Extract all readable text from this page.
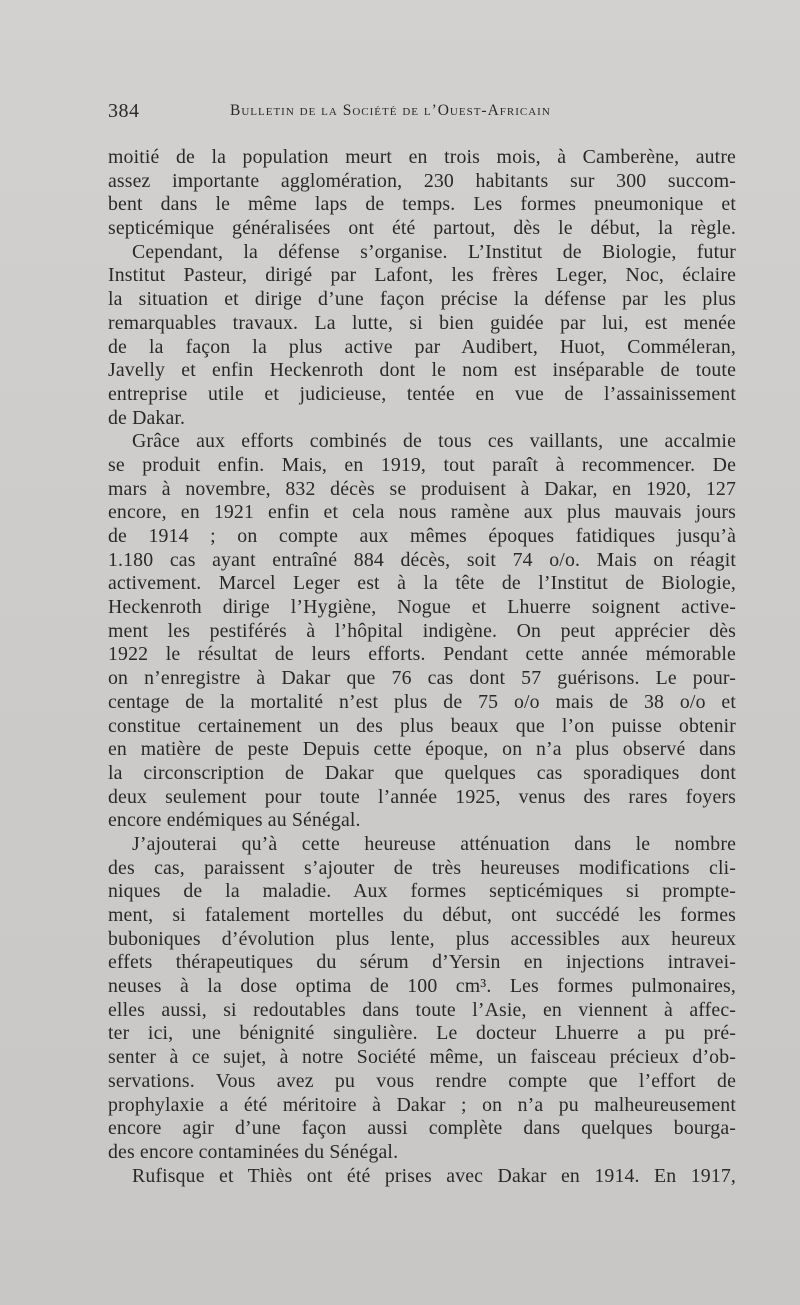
384	Bulletin de la Société de l’Ouest-Africain
moitié de la population meurt en trois mois, à Camberène, autre
assez importante agglomération, 230 habitants sur 300 succom-
bent dans le même laps de temps. Les formes pneumonique et
septicémique généralisées ont été partout, dès le début, la règle.
Cependant, la défense s’organise. L’Institut de Biologie, futur
Institut Pasteur, dirigé par Lafont, les frères Leger, Noc, éclaire
la situation et dirige d’une façon précise la défense par les plus
remarquables travaux. La lutte, si bien guidée par lui, est menée
de la façon la plus active par Audibert, Huot, Comméleran,
Javelly et enfin Heckenroth dont le nom est inséparable de toute
entreprise utile et judicieuse, tentée en vue de l’assainissement
de Dakar.
Grâce aux efforts combinés de tous ces vaillants, une accalmie
se produit enfin. Mais, en 1919, tout paraît à recommencer. De
mars à novembre, 832 décès se produisent à Dakar, en 1920, 127
encore, en 1921 enfin et cela nous ramène aux plus mauvais jours
de 1914 ; on compte aux mêmes époques fatidiques jusqu’à
1.180 cas ayant entraîné 884 décès, soit 74 o/o. Mais on réagit
activement. Marcel Leger est à la tête de l’Institut de Biologie,
Heckenroth dirige l’Hygiène, Nogue et Lhuerre soignent active-
ment les pestiférés à l’hôpital indigène. On peut apprécier dès
1922 le résultat de leurs efforts. Pendant cette année mémorable
on n’enregistre à Dakar que 76 cas dont 57 guérisons. Le pour-
centage de la mortalité n’est plus de 75 o/o mais de 38 o/o et
constitue certainement un des plus beaux que l’on puisse obtenir
en matière de peste Depuis cette époque, on n’a plus observé dans
la circonscription de Dakar que quelques cas sporadiques dont
deux seulement pour toute l’année 1925, venus des rares foyers
encore endémiques au Sénégal.
J’ajouterai qu’à cette heureuse atténuation dans le nombre
des cas, paraissent s’ajouter de très heureuses modifications cli-
niques de la maladie. Aux formes septicémiques si prompte-
ment, si fatalement mortelles du début, ont succédé les formes
buboniques d’évolution plus lente, plus accessibles aux heureux
effets thérapeutiques du sérum d’Yersin en injections intravei-
neuses à la dose optima de 100 cm³. Les formes pulmonaires,
elles aussi, si redoutables dans toute l’Asie, en viennent à affec-
ter ici, une bénignité singulière. Le docteur Lhuerre a pu pré-
senter à ce sujet, à notre Société même, un faisceau précieux d’ob-
servations. Vous avez pu vous rendre compte que l’effort de
prophylaxie a été méritoire à Dakar ; on n’a pu malheureusement
encore agir d’une façon aussi complète dans quelques bourga-
des encore contaminées du Sénégal.
Rufisque et Thiès ont été prises avec Dakar en 1914. En 1917,
